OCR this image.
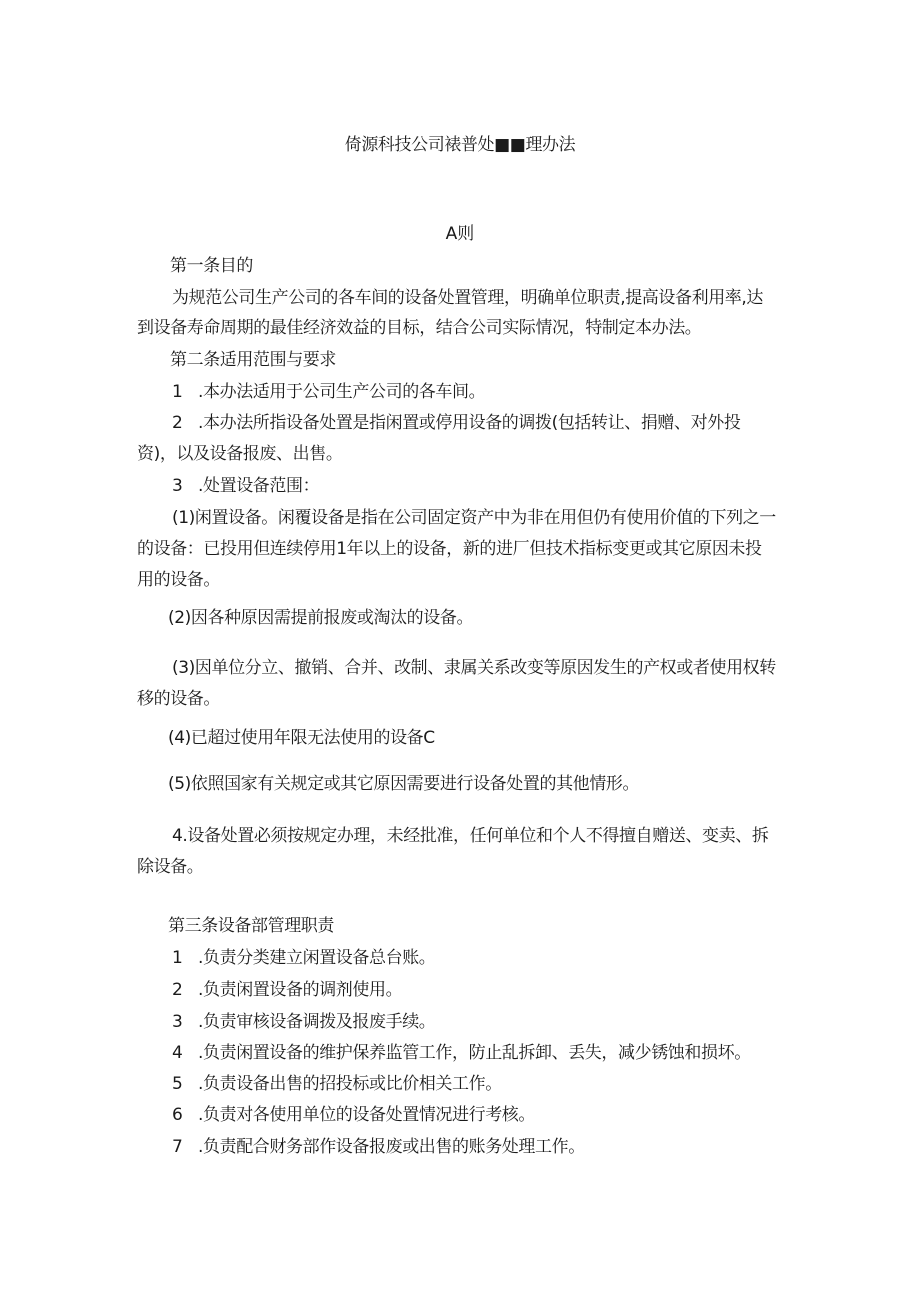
倚源科技公司裱普处■■理办法
A则
第一条目的
为规范公司生产公司的各车间的设备处置管理，明确单位职责,提高设备利用率,达
到设备寿命周期的最佳经济效益的目标，结合公司实际情况，特制定本办法。
第二条适用范围与要求
1 .本办法适用于公司生产公司的各车间。
2 .本办法所指设备处置是指闲置或停用设备的调拨(包括转让、捐赠、对外投
资)，以及设备报废、出售。
3 .处置设备范围：
(1)闲置设备。闲覆设备是指在公司固定资产中为非在用但仍有使用价值的下列之一
的设备：已投用但连续停用1年以上的设备，新的进厂但技术指标变更或其它原因未投
用的设备。
(2)因各种原因需提前报废或淘汰的设备。
(3)因单位分立、撤销、合并、改制、隶属关系改变等原因发生的产权或者使用权转
移的设备。
(4)已超过使用年限无法使用的设备C
(5)依照国家有关规定或其它原因需要进行设备处置的其他情形。
4.设备处置必须按规定办理，未经批准，任何单位和个人不得擅自赠送、变卖、拆
除设备。
第三条设备部管理职责
1 .负责分类建立闲置设备总台账。
2 .负责闲置设备的调剂使用。
3 .负责审核设备调拨及报废手续。
4 .负责闲置设备的维护保养监管工作，防止乱拆卸、丢失，减少锈蚀和损坏。
5 .负责设备出售的招投标或比价相关工作。
6 .负责对各使用单位的设备处置情况进行考核。
7 .负责配合财务部作设备报废或出售的账务处理工作。
